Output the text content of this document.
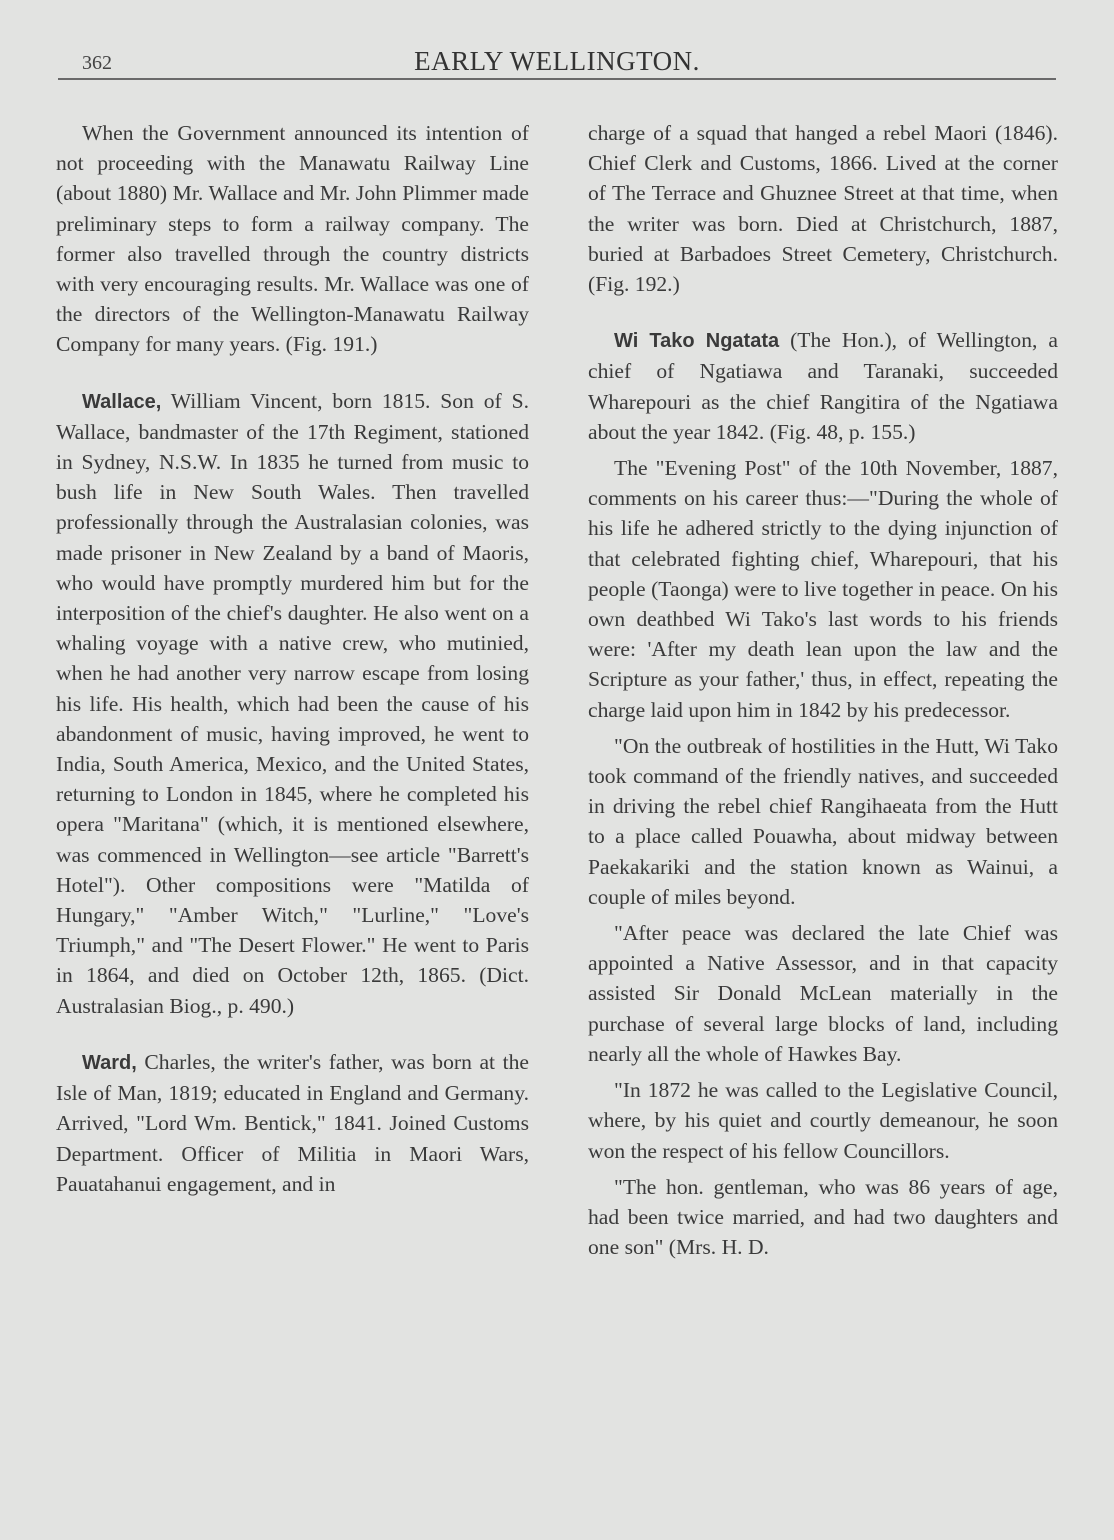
362	EARLY WELLINGTON.

When the Government announced its intention of not proceeding with the Manawatu Railway Line (about 1880) Mr. Wallace and Mr. John Plimmer made preliminary steps to form a railway company. The former also travelled through the country districts with very encouraging results. Mr. Wallace was one of the directors of the Wellington-Manawatu Railway Company for many years. (Fig. 191.)

Wallace, William Vincent, born 1815. Son of S. Wallace, bandmaster of the 17th Regiment, stationed in Sydney, N.S.W. In 1835 he turned from music to bush life in New South Wales. Then travelled professionally through the Australasian colonies, was made prisoner in New Zealand by a band of Maoris, who would have promptly murdered him but for the interposition of the chief's daughter. He also went on a whaling voyage with a native crew, who mutinied, when he had another very narrow escape from losing his life. His health, which had been the cause of his abandonment of music, having improved, he went to India, South America, Mexico, and the United States, returning to London in 1845, where he completed his opera "Maritana" (which, it is mentioned elsewhere, was commenced in Wellington—see article "Barrett's Hotel"). Other compositions were "Matilda of Hungary," "Amber Witch," "Lurline," "Love's Triumph," and "The Desert Flower." He went to Paris in 1864, and died on October 12th, 1865. (Dict. Australasian Biog., p. 490.)

Ward, Charles, the writer's father, was born at the Isle of Man, 1819; educated in England and Germany. Arrived, "Lord Wm. Bentick," 1841. Joined Customs Department. Officer of Militia in Maori Wars, Pauatahanui engagement, and in

charge of a squad that hanged a rebel Maori (1846). Chief Clerk and Customs, 1866. Lived at the corner of The Terrace and Ghuznee Street at that time, when the writer was born. Died at Christchurch, 1887, buried at Barbadoes Street Cemetery, Christchurch. (Fig. 192.)

Wi Tako Ngatata (The Hon.), of Wellington, a chief of Ngatiawa and Taranaki, succeeded Wharepouri as the chief Rangitira of the Ngatiawa about the year 1842. (Fig. 48, p. 155.)

The "Evening Post" of the 10th November, 1887, comments on his career thus:—"During the whole of his life he adhered strictly to the dying injunction of that celebrated fighting chief, Wharepouri, that his people (Taonga) were to live together in peace. On his own deathbed Wi Tako's last words to his friends were: 'After my death lean upon the law and the Scripture as your father,' thus, in effect, repeating the charge laid upon him in 1842 by his predecessor.

"On the outbreak of hostilities in the Hutt, Wi Tako took command of the friendly natives, and succeeded in driving the rebel chief Rangihaeata from the Hutt to a place called Pouawha, about midway between Paekakariki and the station known as Wainui, a couple of miles beyond.

"After peace was declared the late Chief was appointed a Native Assessor, and in that capacity assisted Sir Donald McLean materially in the purchase of several large blocks of land, including nearly all the whole of Hawkes Bay.

"In 1872 he was called to the Legislative Council, where, by his quiet and courtly demeanour, he soon won the respect of his fellow Councillors.

"The hon. gentleman, who was 86 years of age, had been twice married, and had two daughters and one son" (Mrs. H. D.
